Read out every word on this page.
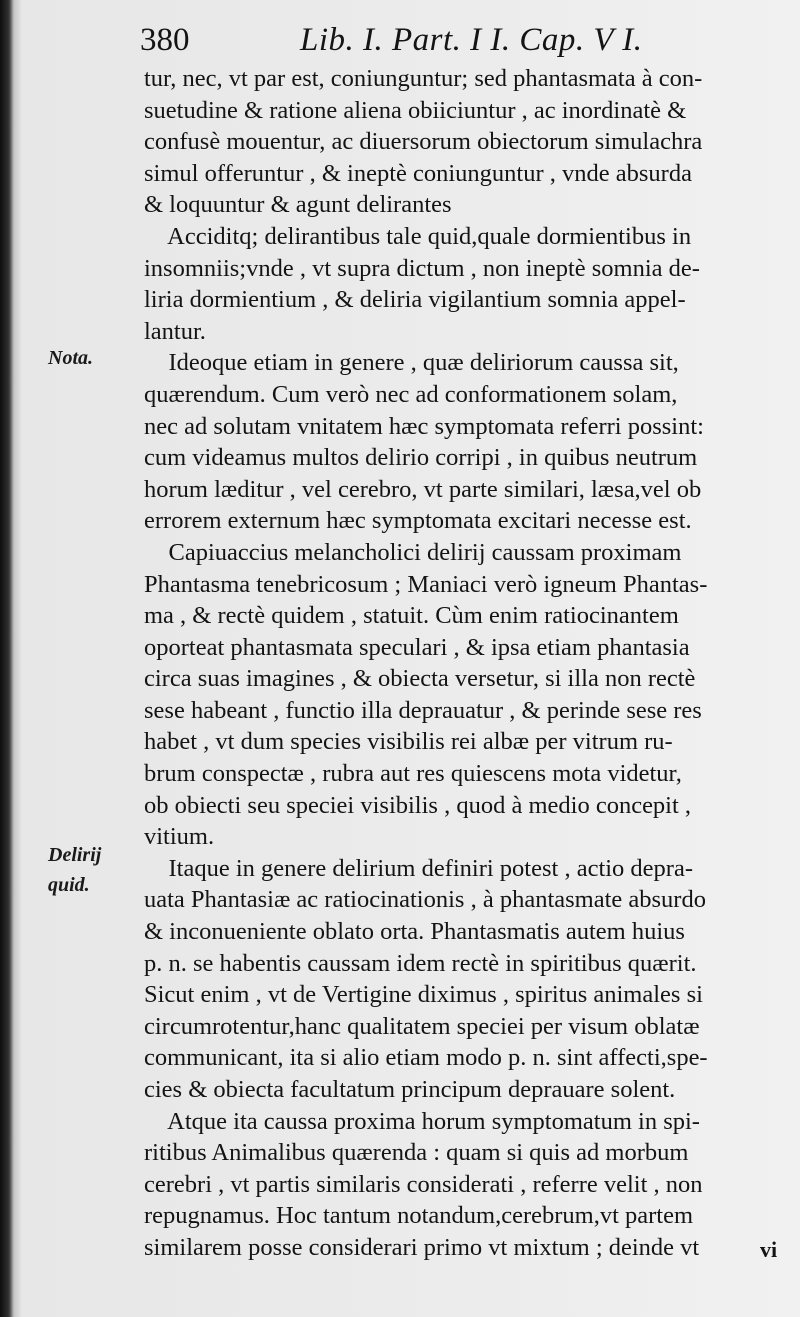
380	Lib. I. Part. I I. Cap. V I.
Nota.
Delirij
quid.
tur, nec, vt par est, coniunguntur; sed phantasmata à con-
suetudine & ratione aliena obiiciuntur , ac inordinatè &
confusè mouentur, ac diuersorum obiectorum simulachra
simul offeruntur , & ineptè coniunguntur , vnde absurda
& loquuntur & agunt delirantes
Acciditq; delirantibus tale quid,quale dormientibus in
insomniis;vnde , vt supra dictum , non ineptè somnia de-
liria dormientium , & deliria vigilantium somnia appel-
lantur.
Ideoque etiam in genere , quæ deliriorum caussa sit,
quærendum. Cum verò nec ad conformationem solam,
nec ad solutam vnitatem hæc symptomata referri possint:
cum videamus multos delirio corripi , in quibus neutrum
horum læditur , vel cerebro, vt parte similari, læsa,vel ob
errorem externum hæc symptomata excitari necesse est.
Capiuaccius melancholici delirij caussam proximam
Phantasma tenebricosum ; Maniaci verò igneum Phantas-
ma , & rectè quidem , statuit. Cùm enim ratiocinantem
oporteat phantasmata speculari , & ipsa etiam phantasia
circa suas imagines , & obiecta versetur, si illa non rectè
sese habeant , functio illa deprauatur , & perinde sese res
habet , vt dum species visibilis rei albæ per vitrum ru-
brum conspectæ , rubra aut res quiescens mota videtur,
ob obiecti seu speciei visibilis , quod à medio concepit ,
vitium.
Itaque in genere delirium definiri potest , actio depra-
uata Phantasiæ ac ratiocinationis , à phantasmate absurdo
& inconueniente oblato orta. Phantasmatis autem huius
p. n. se habentis caussam idem rectè in spiritibus quærit.
Sicut enim , vt de Vertigine diximus , spiritus animales si
circumrotentur,hanc qualitatem speciei per visum oblatæ
communicant, ita si alio etiam modo p. n. sint affecti,spe-
cies & obiecta facultatum principum deprauare solent.
Atque ita caussa proxima horum symptomatum in spi-
ritibus Animalibus quærenda : quam si quis ad morbum
cerebri , vt partis similaris considerati , referre velit , non
repugnamus. Hoc tantum notandum,cerebrum,vt partem
similarem posse considerari primo vt mixtum ; deinde vt	vi
